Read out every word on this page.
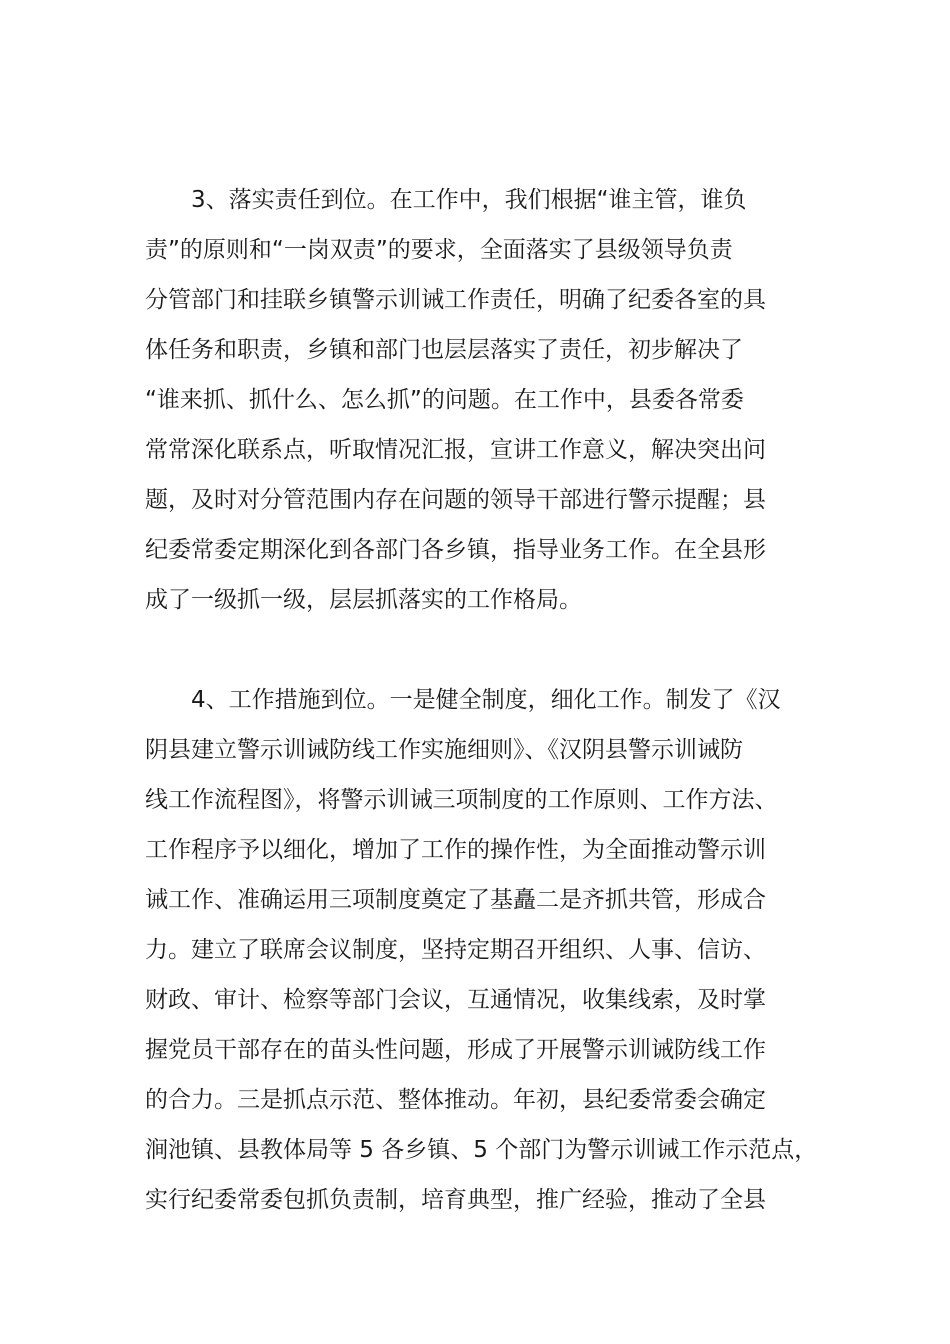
3、落实责任到位。在工作中，我们根据“谁主管，谁负
责”的原则和“一岗双责”的要求，全面落实了县级领导负责
分管部门和挂联乡镇警示训诫工作责任，明确了纪委各室的具
体任务和职责，乡镇和部门也层层落实了责任，初步解决了
“谁来抓、抓什么、怎么抓”的问题。在工作中，县委各常委
常常深化联系点，听取情况汇报，宣讲工作意义，解决突出问
题，及时对分管范围内存在问题的领导干部进行警示提醒；县
纪委常委定期深化到各部门各乡镇，指导业务工作。在全县形
成了一级抓一级，层层抓落实的工作格局。
4、工作措施到位。一是健全制度，细化工作。制发了《汉
阴县建立警示训诫防线工作实施细则》、《汉阴县警示训诫防
线工作流程图》，将警示训诫三项制度的工作原则、工作方法、
工作程序予以细化，增加了工作的操作性，为全面推动警示训
诫工作、准确运用三项制度奠定了基矗二是齐抓共管，形成合
力。建立了联席会议制度，坚持定期召开组织、人事、信访、
财政、审计、检察等部门会议，互通情况，收集线索，及时掌
握党员干部存在的苗头性问题，形成了开展警示训诫防线工作
的合力。三是抓点示范、整体推动。年初，县纪委常委会确定
涧池镇、县教体局等 5 各乡镇、5 个部门为警示训诫工作示范点，
实行纪委常委包抓负责制，培育典型，推广经验，推动了全县
